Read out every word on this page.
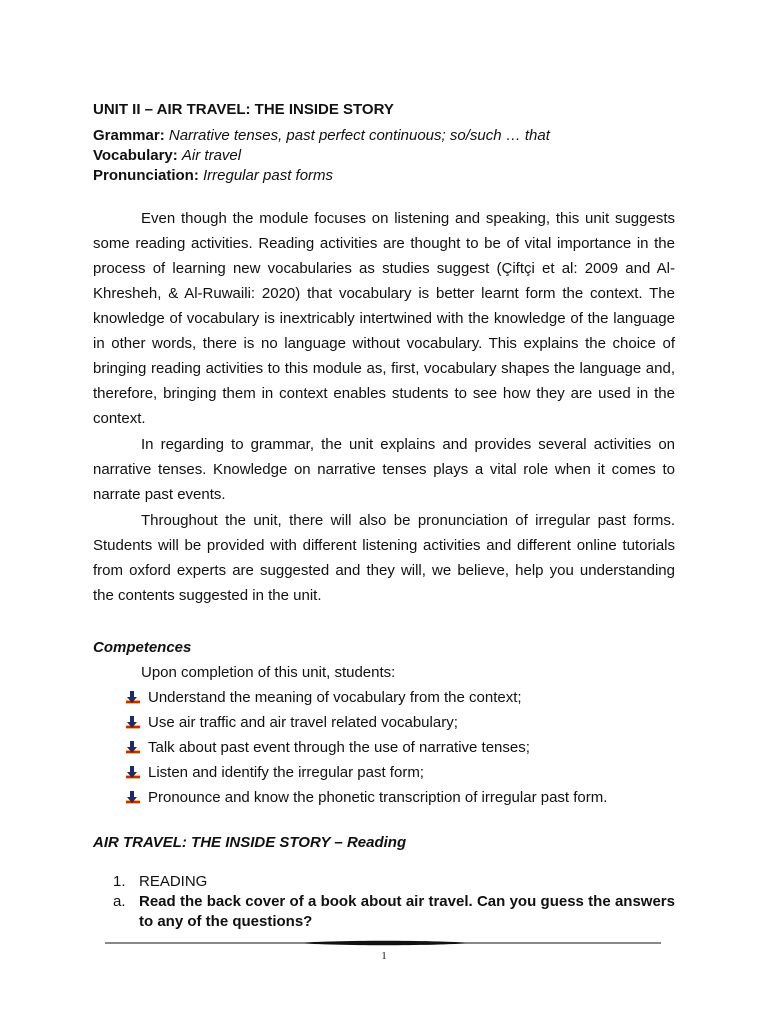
UNIT II – AIR TRAVEL: THE INSIDE STORY

Grammar: Narrative tenses, past perfect continuous; so/such … that

Vocabulary: Air travel

Pronunciation: Irregular past forms

Even though the module focuses on listening and speaking, this unit suggests some reading activities. Reading activities are thought to be of vital importance in the process of learning new vocabularies as studies suggest (Çiftçi et al: 2009 and Al-Khresheh, & Al-Ruwaili: 2020) that vocabulary is better learnt form the context. The knowledge of vocabulary is inextricably intertwined with the knowledge of the language in other words, there is no language without vocabulary. This explains the choice of bringing reading activities to this module as, first, vocabulary shapes the language and, therefore, bringing them in context enables students to see how they are used in the context.

In regarding to grammar, the unit explains and provides several activities on narrative tenses. Knowledge on narrative tenses plays a vital role when it comes to narrate past events.

Throughout the unit, there will also be pronunciation of irregular past forms. Students will be provided with different listening activities and different online tutorials from oxford experts are suggested and they will, we believe, help you understanding the contents suggested in the unit.

Competences
Upon completion of this unit, students:
Understand the meaning of vocabulary from the context;
Use air traffic and air travel related vocabulary;
Talk about past event through the use of narrative tenses;
Listen and identify the irregular past form;
Pronounce and know the phonetic transcription of irregular past form.
AIR TRAVEL: THE INSIDE STORY – Reading
1. READING
a. Read the back cover of a book about air travel. Can you guess the answers to any of the questions?
1
